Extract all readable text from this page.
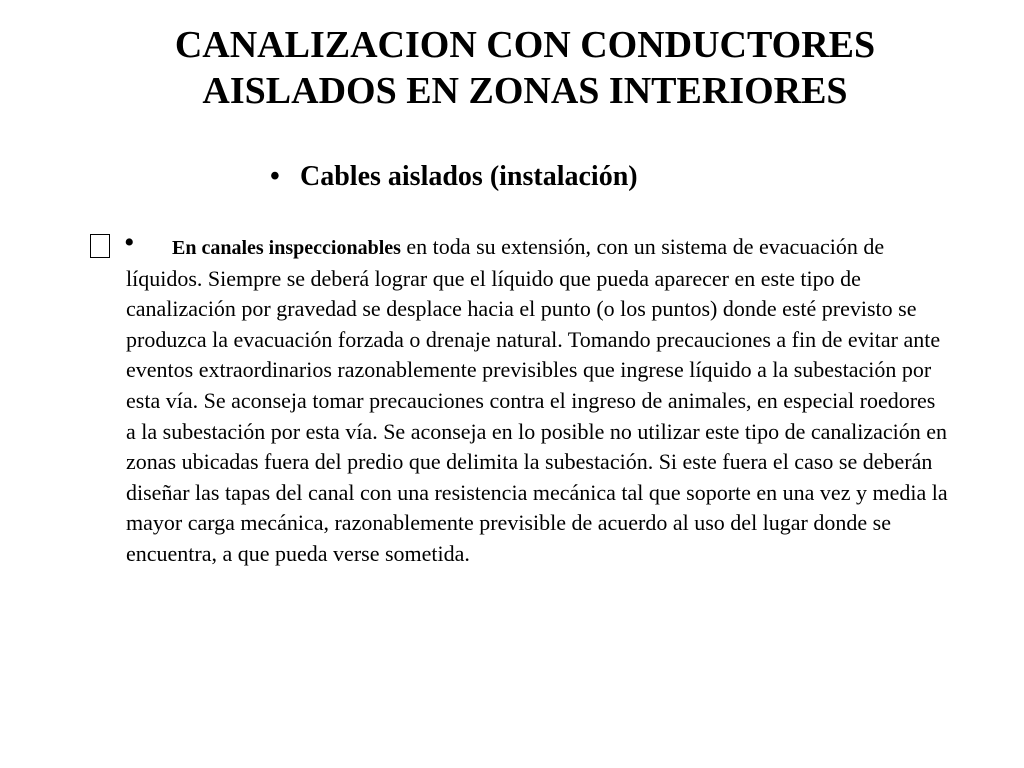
CANALIZACION CON CONDUCTORES
AISLADOS EN ZONAS INTERIORES
• Cables aislados (instalación)
•	En canales inspeccionables en toda su extensión, con un sistema de evacuación de líquidos. Siempre se deberá lograr que el líquido que pueda aparecer en este tipo de canalización por gravedad se desplace hacia el punto (o los puntos) donde esté previsto se produzca la evacuación forzada o drenaje natural. Tomando precauciones a fin de evitar ante eventos extraordinarios razonablemente previsibles que ingrese líquido a la subestación por esta vía. Se aconseja tomar precauciones contra el ingreso de animales, en especial roedores a la subestación por esta vía. Se aconseja en lo posible no utilizar este tipo de canalización en zonas ubicadas fuera del predio que delimita la subestación. Si este fuera el caso se deberán diseñar las tapas del canal con una resistencia mecánica tal que soporte en una vez y media la mayor carga mecánica, razonablemente previsible de acuerdo al uso del lugar donde se encuentra, a que pueda verse sometida.
